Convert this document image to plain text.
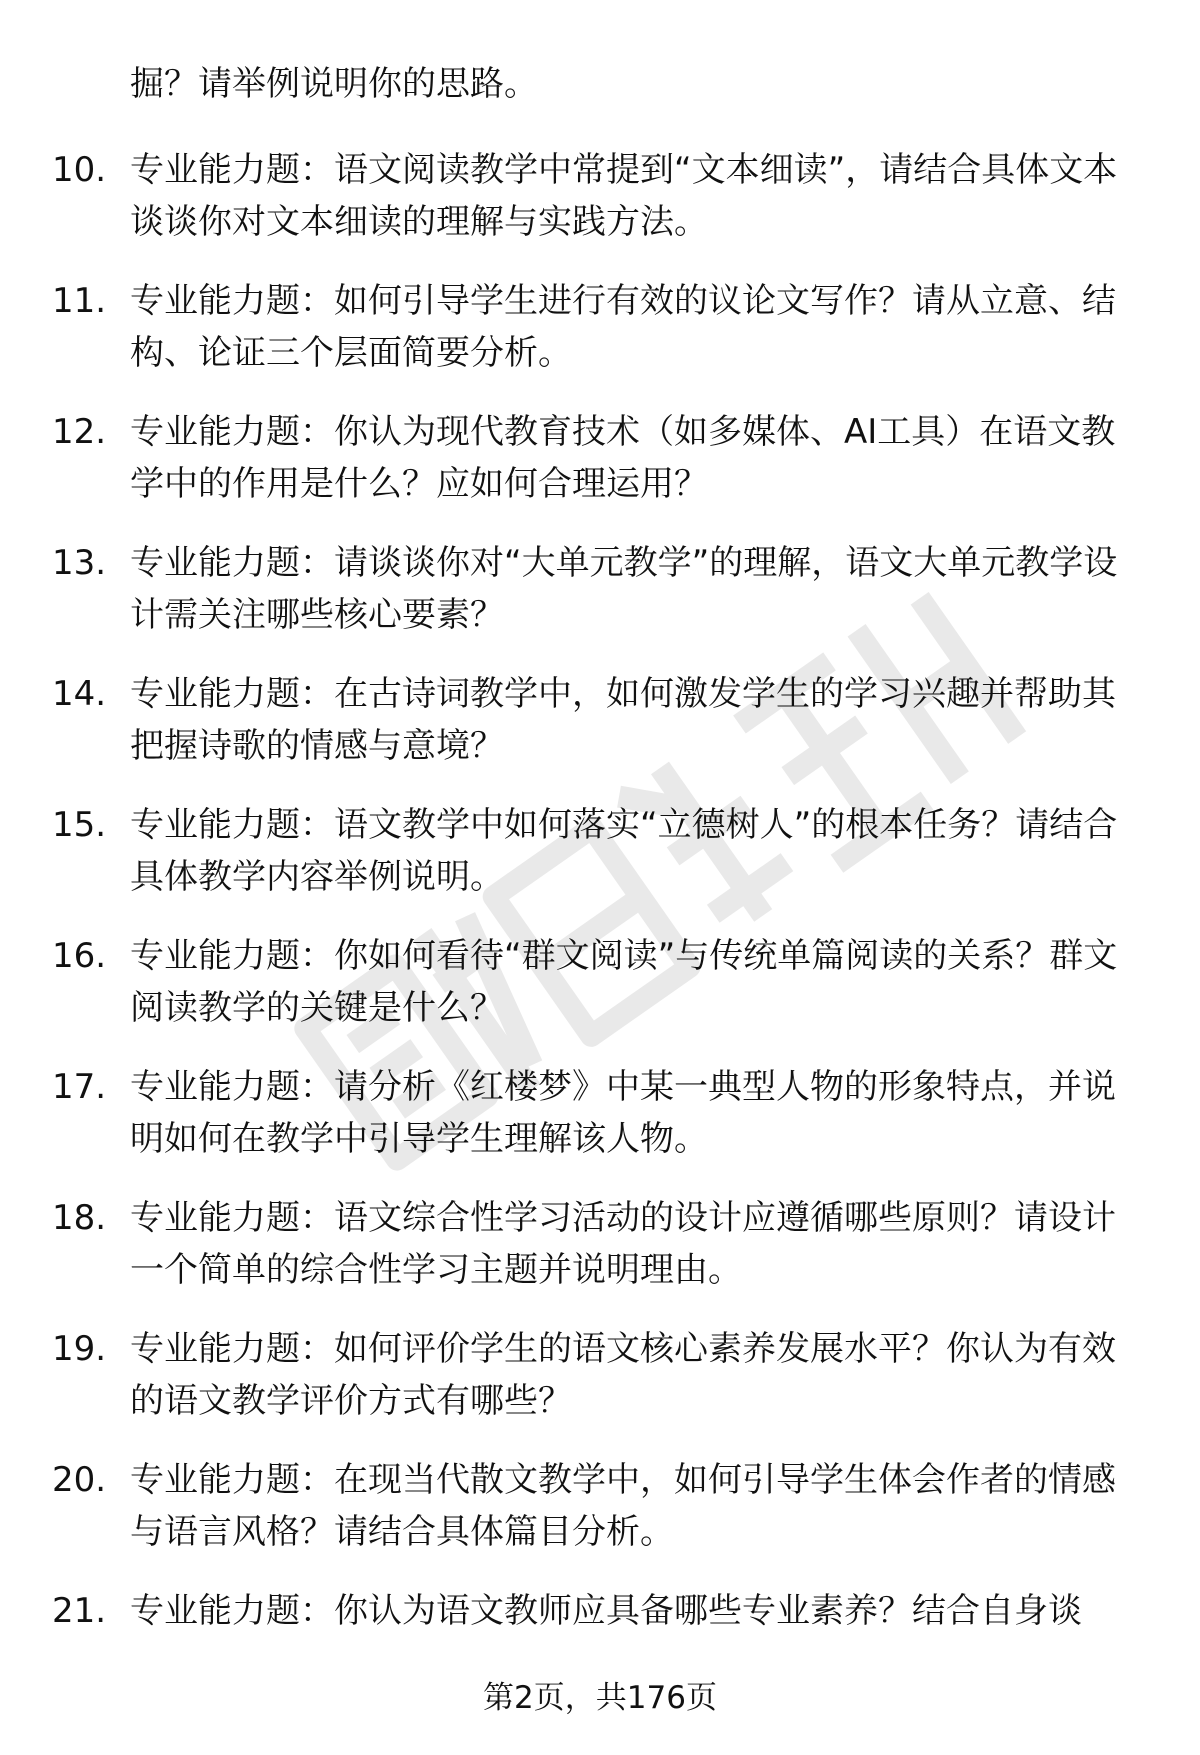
掘？请举例说明你的思路。
10. 专业能力题：语文阅读教学中常提到“文本细读”，请结合具体文本谈谈你对文本细读的理解与实践方法。
11. 专业能力题：如何引导学生进行有效的议论文写作？请从立意、结构、论证三个层面简要分析。
12. 专业能力题：你认为现代教育技术（如多媒体、AI工具）在语文教学中的作用是什么？应如何合理运用？
13. 专业能力题：请谈谈你对“大单元教学”的理解，语文大单元教学设计需关注哪些核心要素？
14. 专业能力题：在古诗词教学中，如何激发学生的学习兴趣并帮助其把握诗歌的情感与意境？
15. 专业能力题：语文教学中如何落实“立德树人”的根本任务？请结合具体教学内容举例说明。
16. 专业能力题：你如何看待“群文阅读”与传统单篇阅读的关系？群文阅读教学的关键是什么？
17. 专业能力题：请分析《红楼梦》中某一典型人物的形象特点，并说明如何在教学中引导学生理解该人物。
18. 专业能力题：语文综合性学习活动的设计应遵循哪些原则？请设计一个简单的综合性学习主题并说明理由。
19. 专业能力题：如何评价学生的语文核心素养发展水平？你认为有效的语文教学评价方式有哪些？
20. 专业能力题：在现当代散文教学中，如何引导学生体会作者的情感与语言风格？请结合具体篇目分析。
21. 专业能力题：你认为语文教师应具备哪些专业素养？结合自身谈
第2页，共176页
